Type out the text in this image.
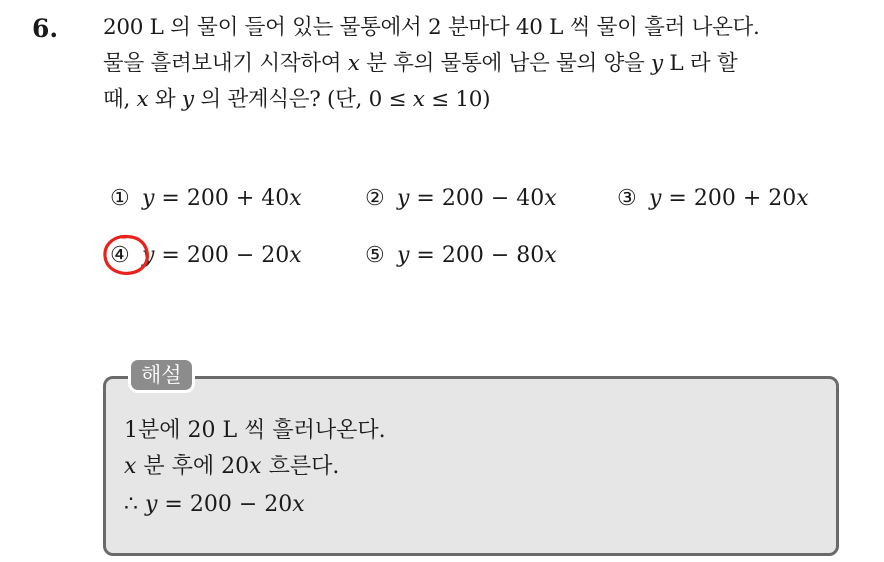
6. 200 L 의 물이 들어 있는 물통에서 2 분마다 40 L 씩 물이 흘러 나온다.
물을 흘려보내기 시작하여 x 분 후의 물통에 남은 물의 양을 y L 라 할
때, x 와 y 의 관계식은? (단, 0 ≤ x ≤ 10)
① y = 200 + 40x	② y = 200 − 40x	③ y = 200 + 20x
④ y = 200 − 20x	⑤ y = 200 − 80x
해설
1분에 20 L 씩 흘러나온다.
x 분 후에 20x 흐른다.
∴ y = 200 − 20x
